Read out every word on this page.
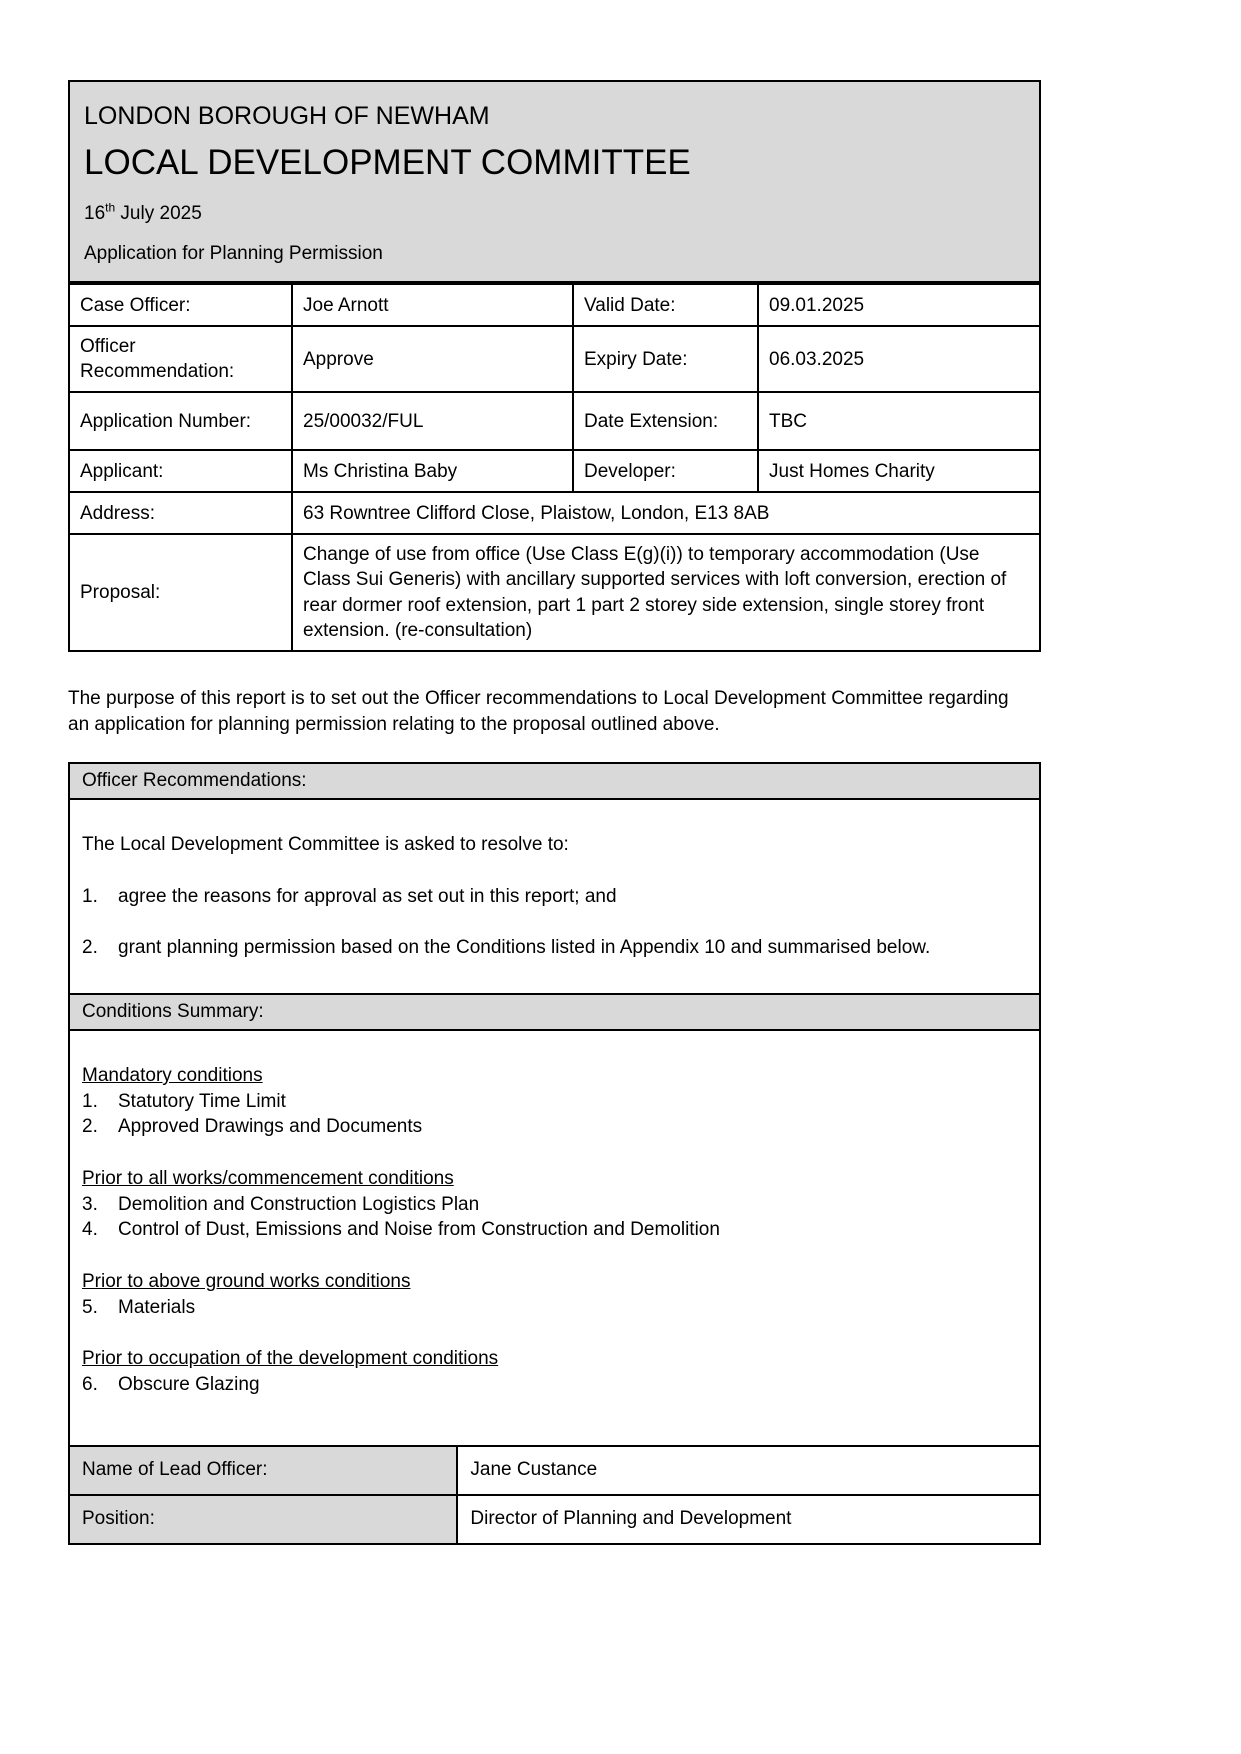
LONDON BOROUGH OF NEWHAM

LOCAL DEVELOPMENT COMMITTEE

16th July 2025

Application for Planning Permission

Case Officer:	Joe Arnott	Valid Date:	09.01.2025
Officer Recommendation:	Approve	Expiry Date:	06.03.2025
Application Number:	25/00032/FUL	Date Extension:	TBC
Applicant:	Ms Christina Baby	Developer:	Just Homes Charity
Address:	63 Rowntree Clifford Close, Plaistow, London, E13 8AB		
Proposal:	Change of use from office (Use Class E(g)(i)) to temporary accommodation (Use Class Sui Generis) with ancillary supported services with loft conversion, erection of rear dormer roof extension, part 1 part 2 storey side extension, single storey front extension. (re-consultation)		

The purpose of this report is to set out the Officer recommendations to Local Development Committee regarding an application for planning permission relating to the proposal outlined above.

Officer Recommendations:

The Local Development Committee is asked to resolve to:

1.	agree the reasons for approval as set out in this report; and
2.	grant planning permission based on the Conditions listed in Appendix 10 and summarised below.
Conditions Summary:
Mandatory conditions
1.	Statutory Time Limit
2.	Approved Drawings and Documents
Prior to all works/commencement conditions
3.	Demolition and Construction Logistics Plan
4.	Control of Dust, Emissions and Noise from Construction and Demolition
Prior to above ground works conditions
5.	Materials
Prior to occupation of the development conditions
6.	Obscure Glazing
Name of Lead Officer:	Jane Custance
Position:	Director of Planning and Development
